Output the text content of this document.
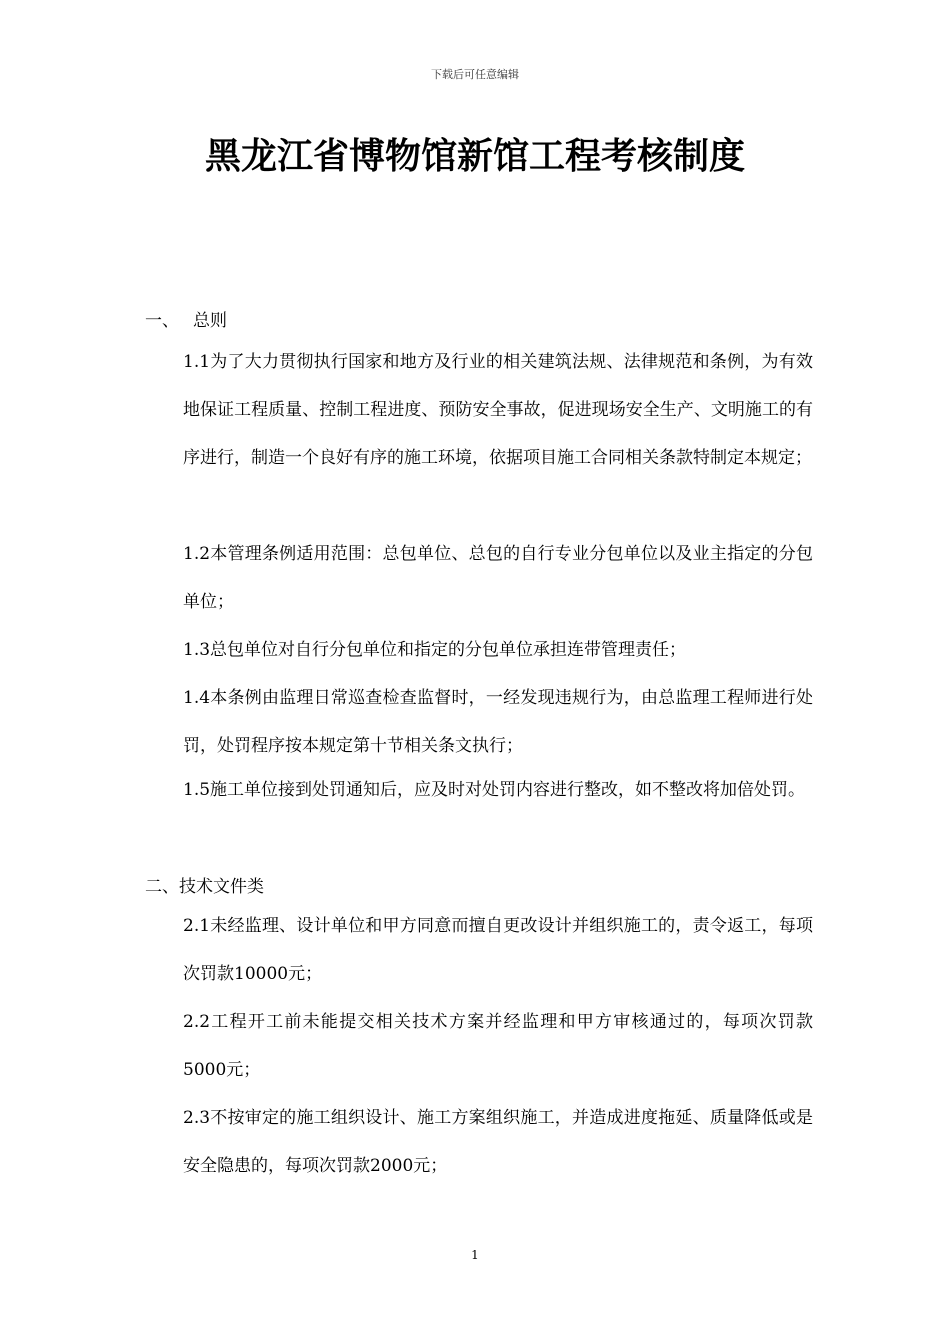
下载后可任意编辑
黑龙江省博物馆新馆工程考核制度
一、 总则
1.1为了大力贯彻执行国家和地方及行业的相关建筑法规、法律规范和条例，为有效地保证工程质量、控制工程进度、预防安全事故，促进现场安全生产、文明施工的有序进行，制造一个良好有序的施工环境，依据项目施工合同相关条款特制定本规定；
1.2本管理条例适用范围：总包单位、总包的自行专业分包单位以及业主指定的分包单位；
1.3总包单位对自行分包单位和指定的分包单位承担连带管理责任；
1.4本条例由监理日常巡查检查监督时，一经发现违规行为，由总监理工程师进行处罚，处罚程序按本规定第十节相关条文执行；
1.5施工单位接到处罚通知后，应及时对处罚内容进行整改，如不整改将加倍处罚。
二、技术文件类
2.1未经监理、设计单位和甲方同意而擅自更改设计并组织施工的，责令返工，每项次罚款10000元；
2.2工程开工前未能提交相关技术方案并经监理和甲方审核通过的，每项次罚款5000元；
2.3不按审定的施工组织设计、施工方案组织施工，并造成进度拖延、质量降低或是安全隐患的，每项次罚款2000元；
1
